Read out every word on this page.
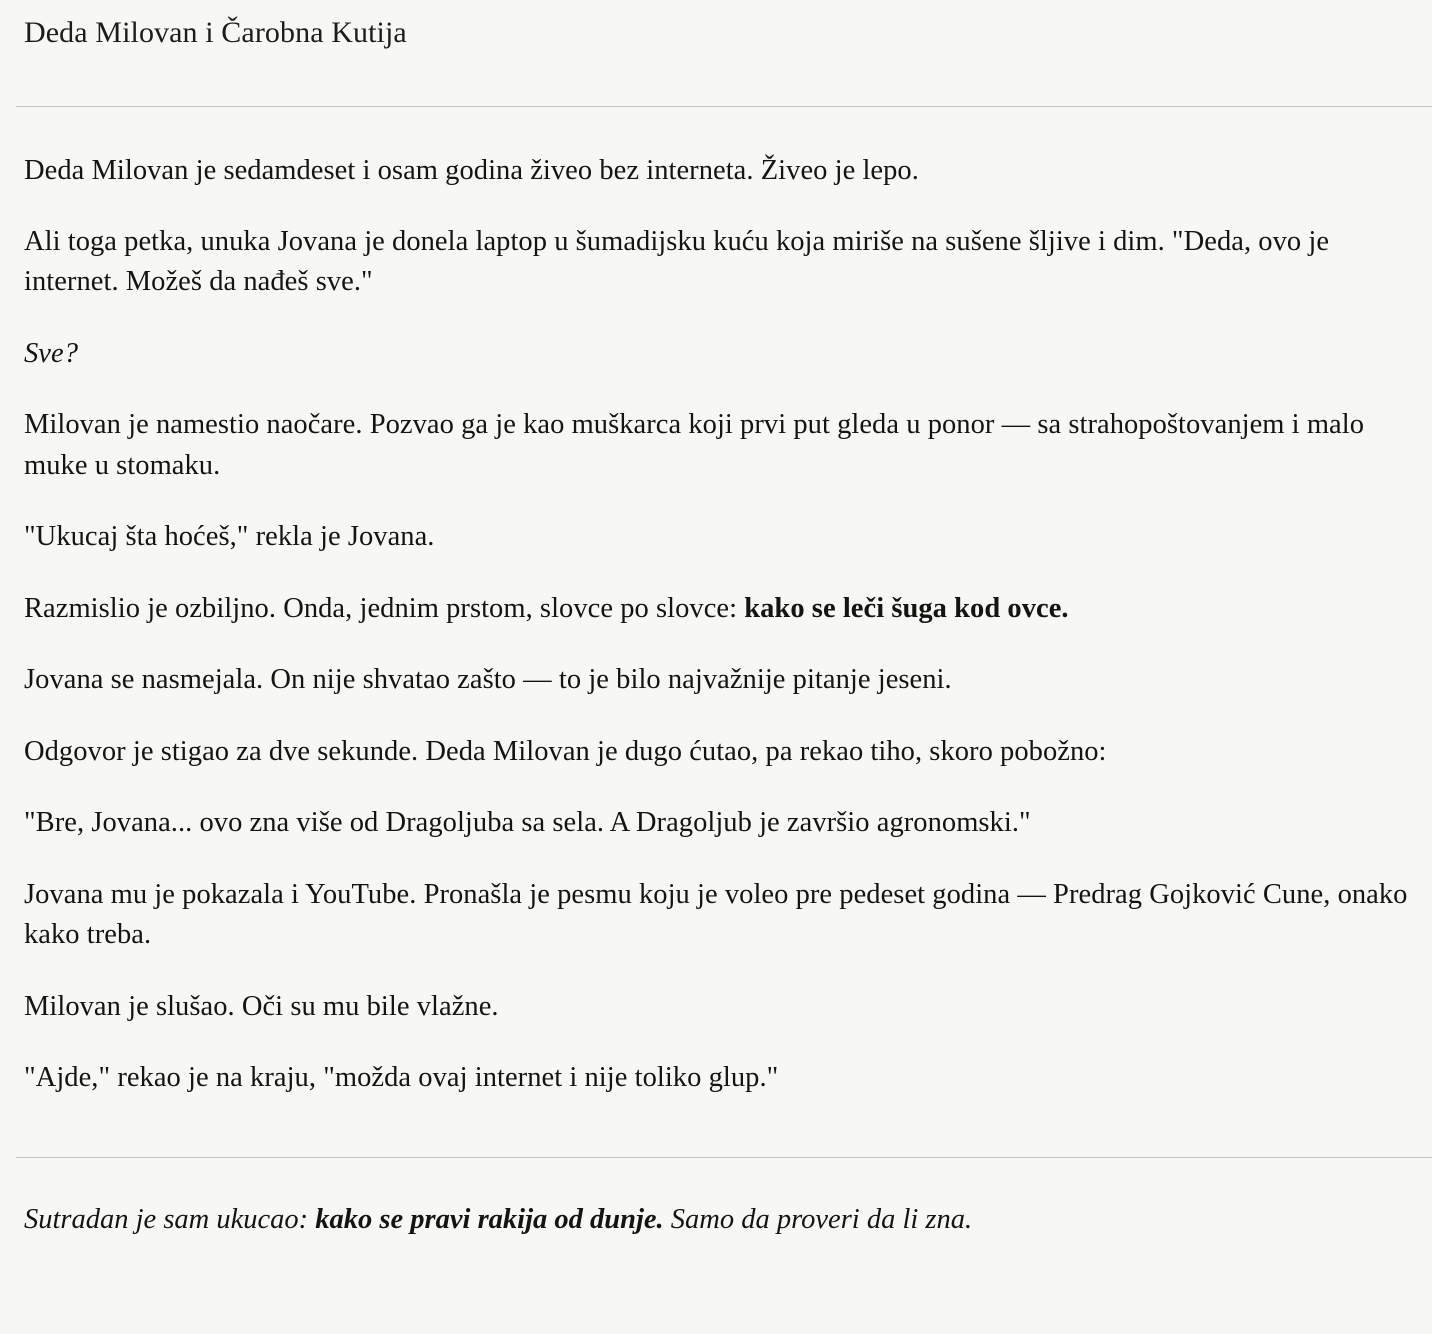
Deda Milovan i Čarobna Kutija

Deda Milovan je sedamdeset i osam godina živeo bez interneta. Živeo je lepo.

Ali toga petka, unuka Jovana je donela laptop u šumadijsku kuću koja miriše na sušene šljive i dim. "Deda, ovo je internet. Možeš da nađeš sve."

Sve?

Milovan je namestio naočare. Pozvao ga je kao muškarca koji prvi put gleda u ponor — sa strahopoštovanjem i malo muke u stomaku.

"Ukucaj šta hoćeš," rekla je Jovana.

Razmislio je ozbiljno. Onda, jednim prstom, slovce po slovce: kako se leči šuga kod ovce.

Jovana se nasmejala. On nije shvatao zašto — to je bilo najvažnije pitanje jeseni.

Odgovor je stigao za dve sekunde. Deda Milovan je dugo ćutao, pa rekao tiho, skoro pobožno:

"Bre, Jovana... ovo zna više od Dragoljuba sa sela. A Dragoljub je završio agronomski."

Jovana mu je pokazala i YouTube. Pronašla je pesmu koju je voleo pre pedeset godina — Predrag Gojković Cune, onako kako treba.

Milovan je slušao. Oči su mu bile vlažne.

"Ajde," rekao je na kraju, "možda ovaj internet i nije toliko glup."

Sutradan je sam ukucao: kako se pravi rakija od dunje. Samo da proveri da li zna.
